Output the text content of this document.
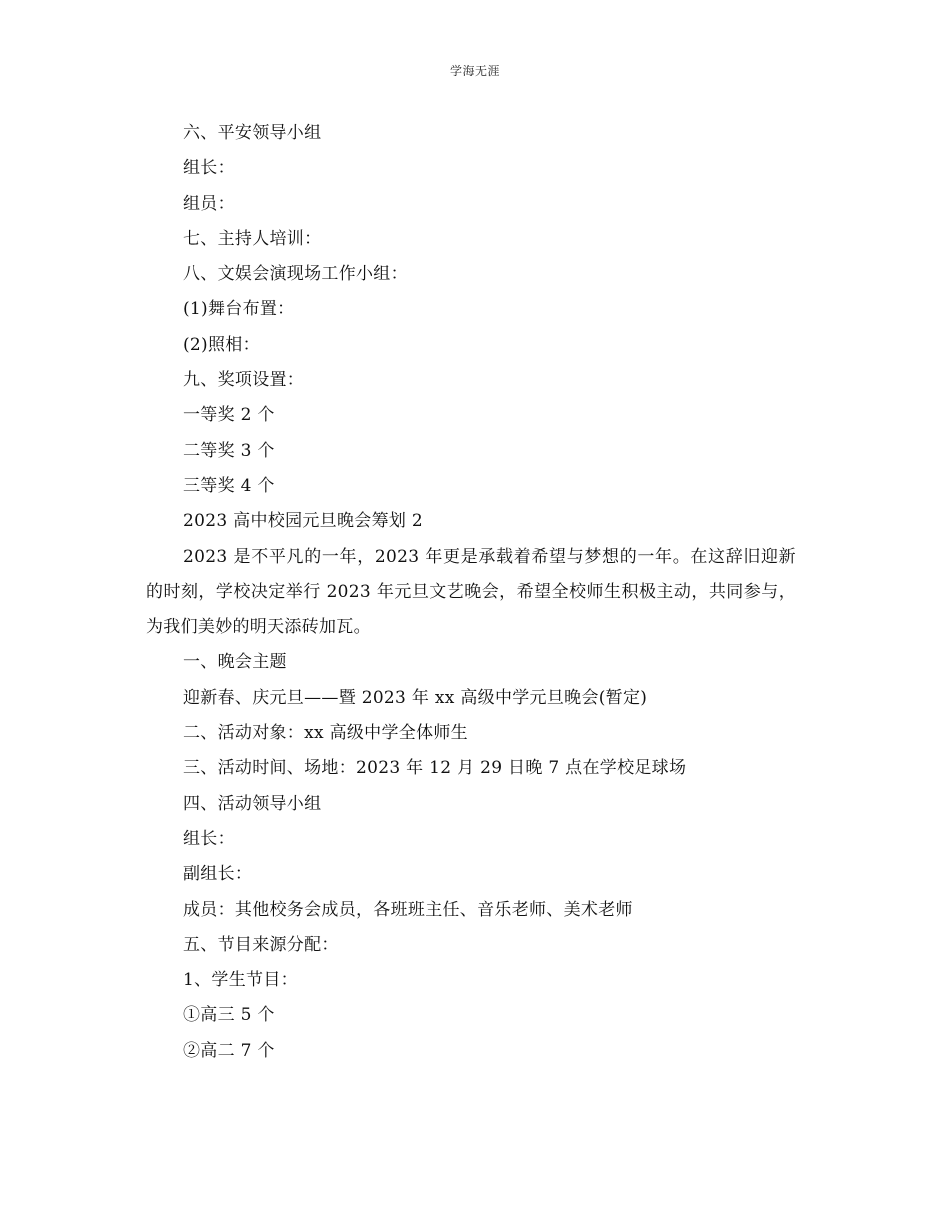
学海无涯
六、平安领导小组
组长：
组员：
七、主持人培训：
八、文娱会演现场工作小组：
(1)舞台布置：
(2)照相：
九、奖项设置：
一等奖 2 个
二等奖 3 个
三等奖 4 个
2023 高中校园元旦晚会筹划 2

2023 是不平凡的一年，2023 年更是承载着希望与梦想的一年。在这辞旧迎新的时刻，学校决定举行 2023 年元旦文艺晚会，希望全校师生积极主动，共同参与，为我们美妙的明天添砖加瓦。

一、晚会主题
迎新春、庆元旦——暨 2023 年 xx 高级中学元旦晚会(暂定)
二、活动对象：xx 高级中学全体师生
三、活动时间、场地：2023 年 12 月 29 日晚 7 点在学校足球场
四、活动领导小组
组长：
副组长：
成员：其他校务会成员，各班班主任、音乐老师、美术老师
五、节目来源分配：
1、学生节目：
①高三 5 个
②高二 7 个
